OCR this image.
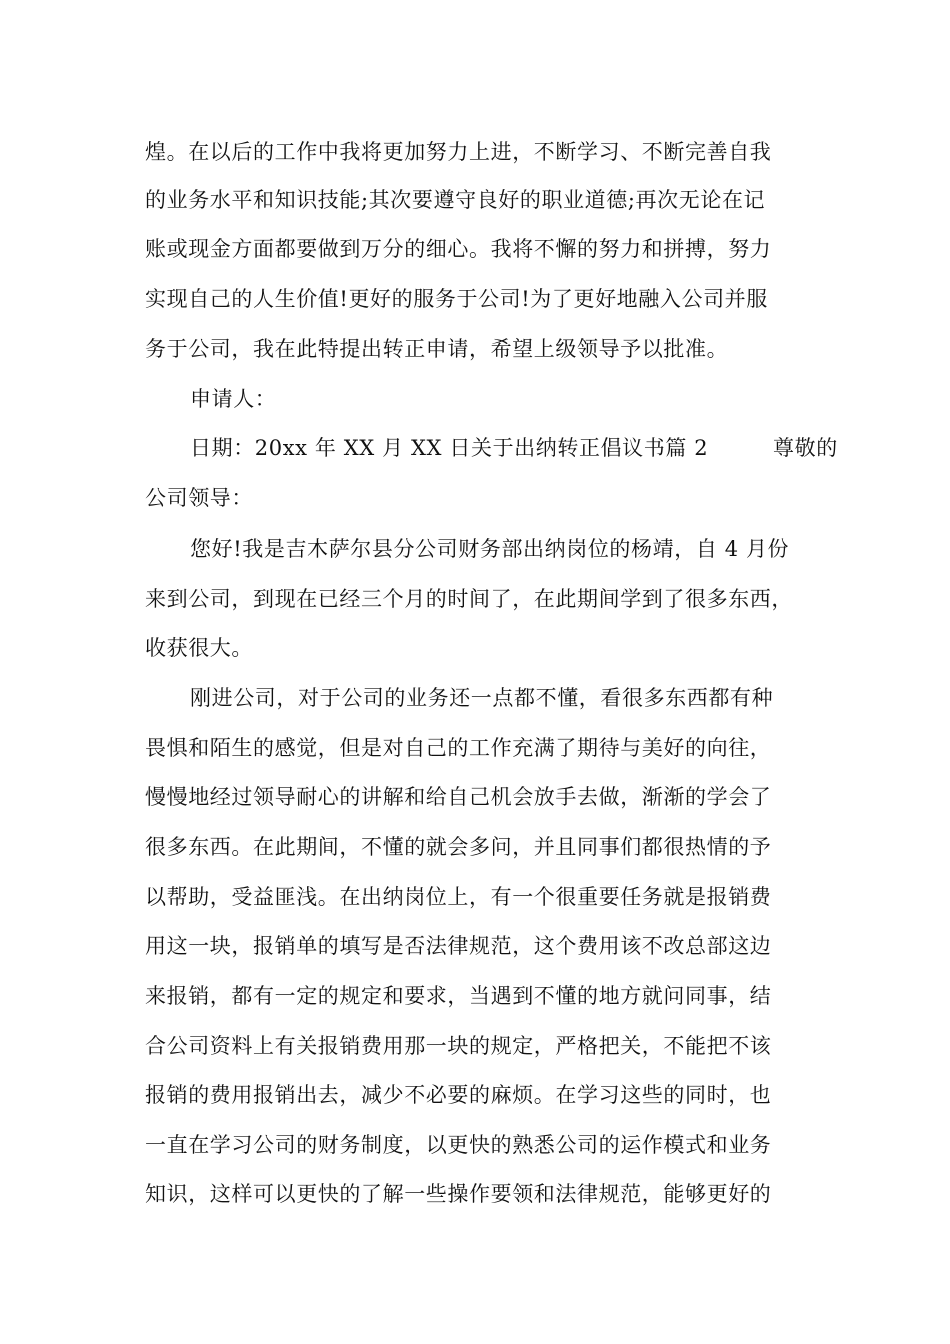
煌。在以后的工作中我将更加努力上进，不断学习、不断完善自我
的业务水平和知识技能;其次要遵守良好的职业道德;再次无论在记
账或现金方面都要做到万分的细心。我将不懈的努力和拼搏，努力
实现自己的人生价值!更好的服务于公司!为了更好地融入公司并服
务于公司，我在此特提出转正申请，希望上级领导予以批准。
申请人：
日期：20xx 年 XX 月 XX 日关于出纳转正倡议书篇 2　　　尊敬的
公司领导：
您好!我是吉木萨尔县分公司财务部出纳岗位的杨靖，自 4 月份
来到公司，到现在已经三个月的时间了，在此期间学到了很多东西，
收获很大。
刚进公司，对于公司的业务还一点都不懂，看很多东西都有种
畏惧和陌生的感觉，但是对自己的工作充满了期待与美好的向往，
慢慢地经过领导耐心的讲解和给自己机会放手去做，渐渐的学会了
很多东西。在此期间，不懂的就会多问，并且同事们都很热情的予
以帮助，受益匪浅。在出纳岗位上，有一个很重要任务就是报销费
用这一块，报销单的填写是否法律规范，这个费用该不改总部这边
来报销，都有一定的规定和要求，当遇到不懂的地方就问同事，结
合公司资料上有关报销费用那一块的规定，严格把关，不能把不该
报销的费用报销出去，减少不必要的麻烦。在学习这些的同时，也
一直在学习公司的财务制度，以更快的熟悉公司的运作模式和业务
知识，这样可以更快的了解一些操作要领和法律规范，能够更好的
